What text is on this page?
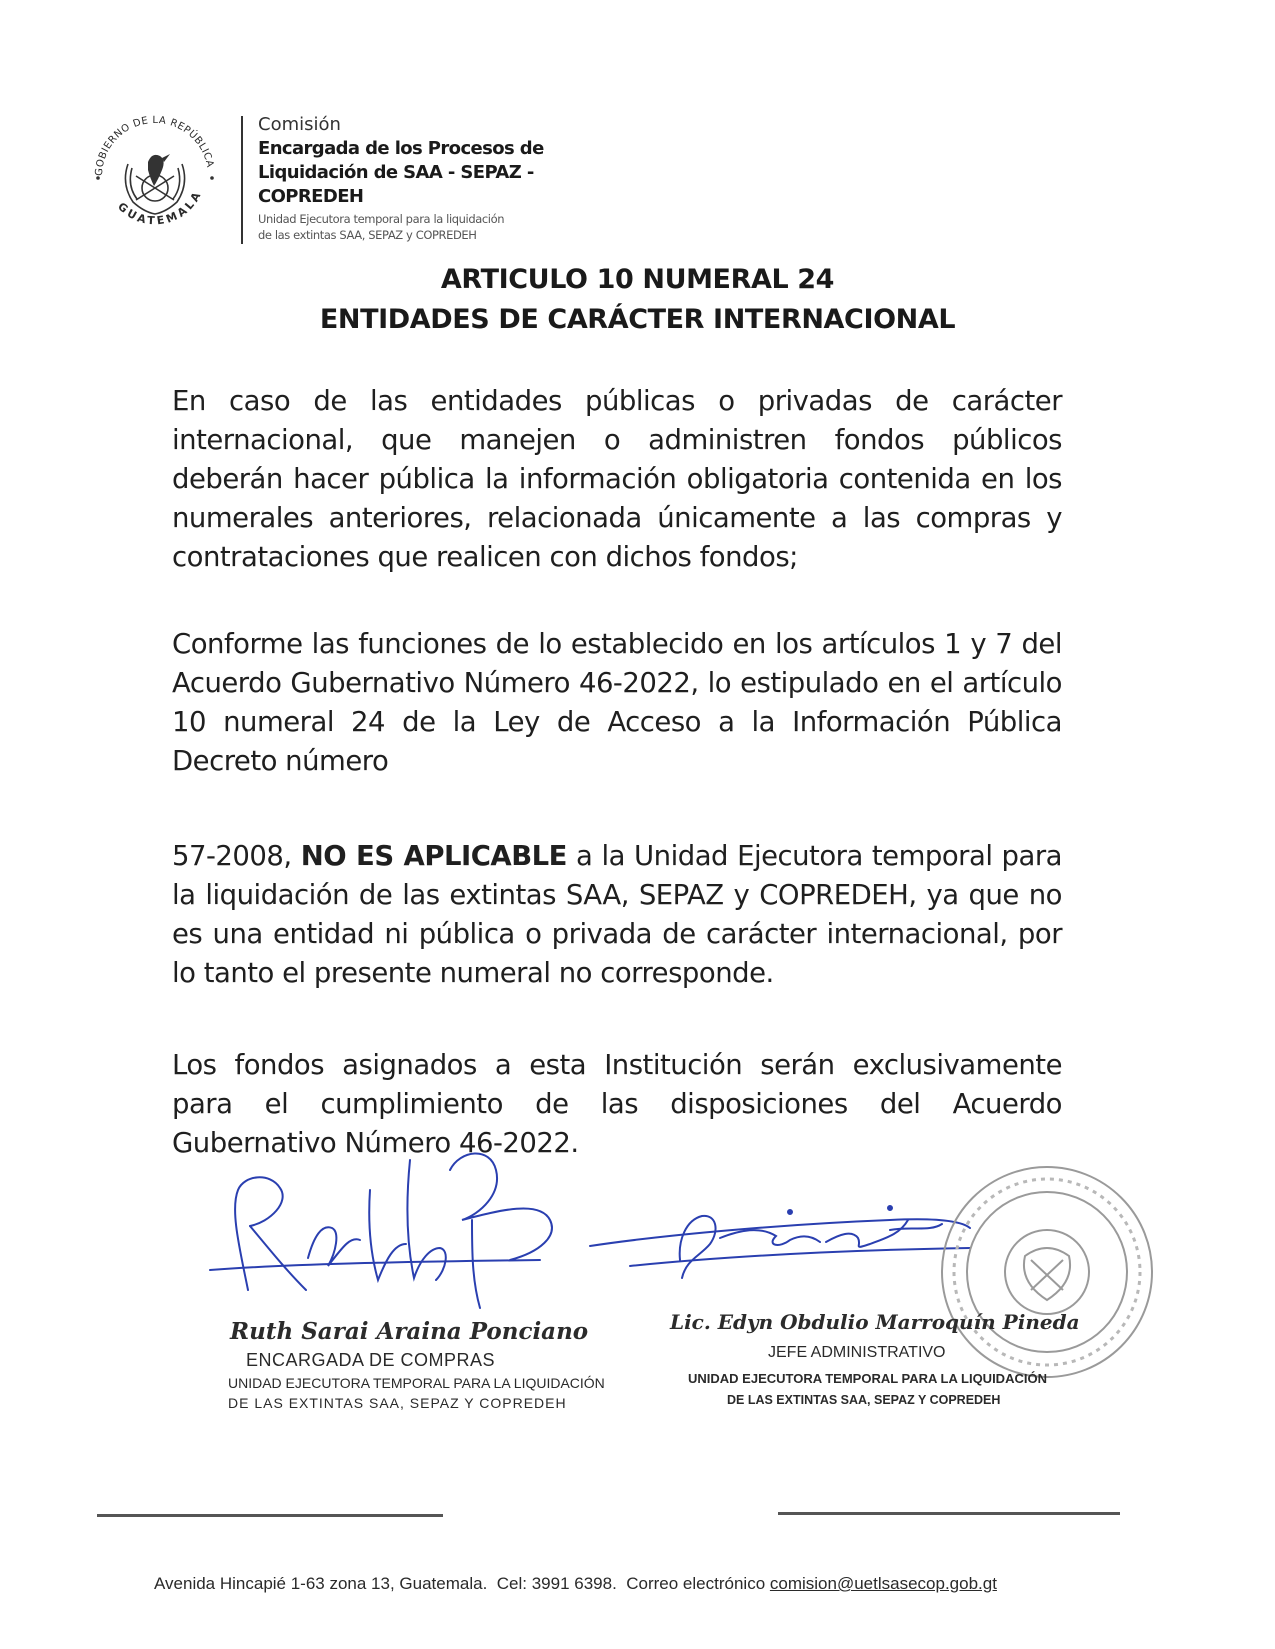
GOBIERNO DE LA REPÚBLICA
GUATEMALA
Comisión
Encargada de los Procesos de
Liquidación de SAA - SEPAZ -
COPREDEH
Unidad Ejecutora temporal para la liquidación
de las extintas SAA, SEPAZ y COPREDEH
ARTICULO 10 NUMERAL 24
ENTIDADES DE CARÁCTER INTERNACIONAL

En caso de las entidades públicas o privadas de carácter internacional, que manejen o administren fondos públicos deberán hacer pública la información obligatoria contenida en los numerales anteriores, relacionada únicamente a las compras y contrataciones que realicen con dichos fondos;

Conforme las funciones de lo establecido en los artículos 1 y 7 del Acuerdo Gubernativo Número 46-2022, lo estipulado en el artículo 10 numeral 24 de la Ley de Acceso a la Información Pública Decreto número

57-2008, NO ES APLICABLE a la Unidad Ejecutora temporal para la liquidación de las extintas SAA, SEPAZ y COPREDEH, ya que no es una entidad ni pública o privada de carácter internacional, por lo tanto el presente numeral no corresponde.

Los fondos asignados a esta Institución serán exclusivamente para el cumplimiento de las disposiciones del Acuerdo Gubernativo Número 46-2022.

Ruth Sarai Araina Ponciano
ENCARGADA DE COMPRAS
UNIDAD EJECUTORA TEMPORAL PARA LA LIQUIDACIÓN
DE LAS EXTINTAS SAA, SEPAZ Y COPREDEH
Lic. Edyn Obdulio Marroquín Pineda
JEFE ADMINISTRATIVO
UNIDAD EJECUTORA TEMPORAL PARA LA LIQUIDACIÓN
DE LAS EXTINTAS SAA, SEPAZ Y COPREDEH
Avenida Hincapié 1-63 zona 13, Guatemala. Cel: 3991 6398. Correo electrónico comision@uetlsasecop.gob.gt
